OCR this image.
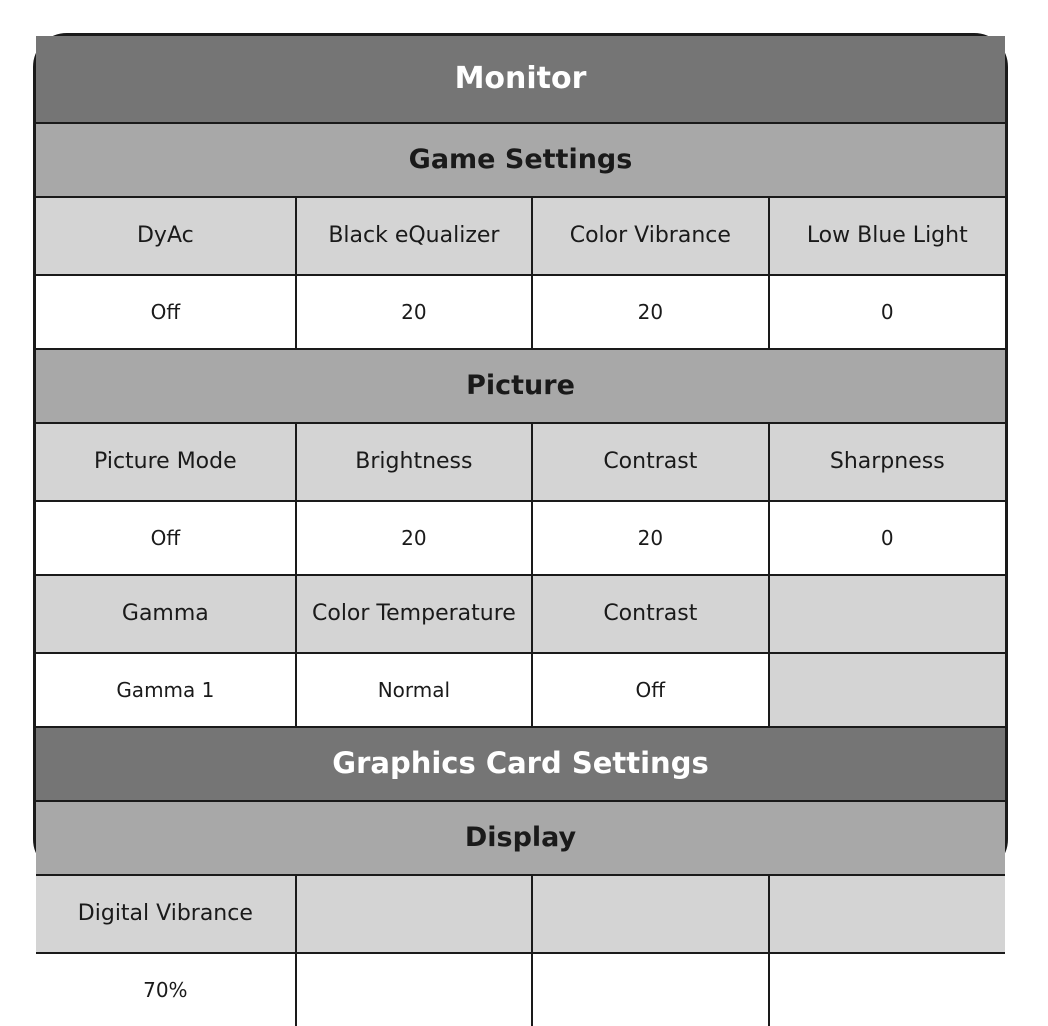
Monitor			
Game Settings			
DyAc	Black eQualizer	Color Vibrance	Low Blue Light
Off	20	20	0
Picture			
Picture Mode	Brightness	Contrast	Sharpness
Off	20	20	0
Gamma	Color Temperature	Contrast	
Gamma 1	Normal	Off	
Graphics Card Settings			
Display			
Digital Vibrance			
70%			
